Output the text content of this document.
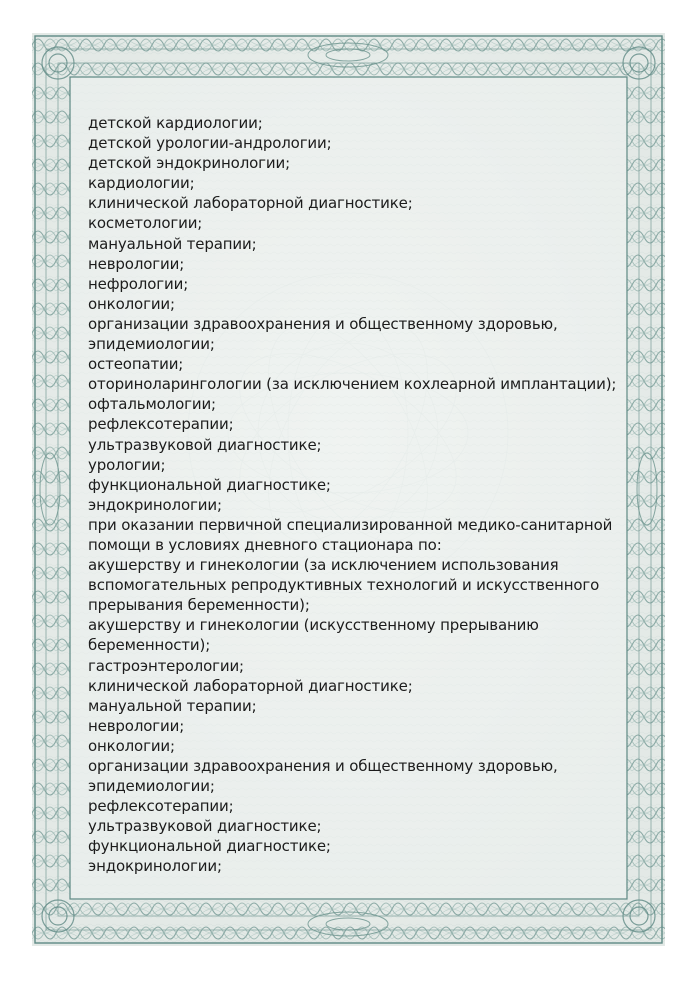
детской кардиологии;
детской урологии-андрологии;
детской эндокринологии;
кардиологии;
клинической лабораторной диагностике;
косметологии;
мануальной терапии;
неврологии;
нефрологии;
онкологии;
организации здравоохранения и общественному здоровью,
эпидемиологии;
остеопатии;
оториноларингологии (за исключением кохлеарной имплантации);
офтальмологии;
рефлексотерапии;
ультразвуковой диагностике;
урологии;
функциональной диагностике;
эндокринологии;
при оказании первичной специализированной медико-санитарной
помощи в условиях дневного стационара по:
акушерству и гинекологии (за исключением использования
вспомогательных репродуктивных технологий и искусственного
прерывания беременности);
акушерству и гинекологии (искусственному прерыванию
беременности);
гастроэнтерологии;
клинической лабораторной диагностике;
мануальной терапии;
неврологии;
онкологии;
организации здравоохранения и общественному здоровью,
эпидемиологии;
рефлексотерапии;
ультразвуковой диагностике;
функциональной диагностике;
эндокринологии;
